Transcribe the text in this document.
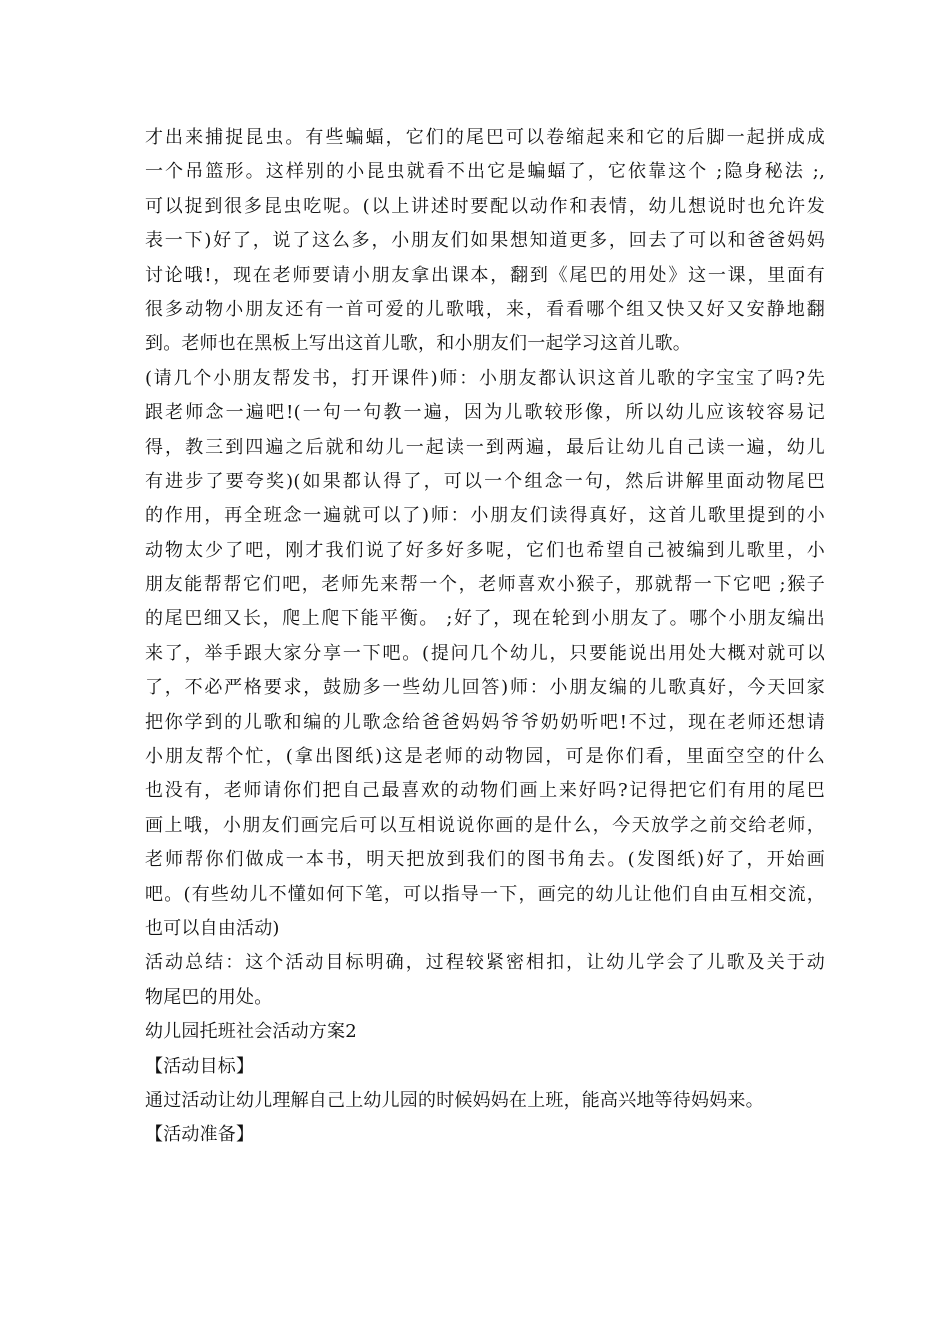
才出来捕捉昆虫。有些蝙蝠，它们的尾巴可以卷缩起来和它的后脚一起拼成成
一个吊篮形。这样别的小昆虫就看不出它是蝙蝠了，它依靠这个 ;隐身秘法 ;,
可以捉到很多昆虫吃呢。(以上讲述时要配以动作和表情，幼儿想说时也允许发
表一下)好了，说了这么多，小朋友们如果想知道更多，回去了可以和爸爸妈妈
讨论哦!，现在老师要请小朋友拿出课本，翻到《尾巴的用处》这一课，里面有
很多动物小朋友还有一首可爱的儿歌哦，来，看看哪个组又快又好又安静地翻
到。老师也在黑板上写出这首儿歌，和小朋友们一起学习这首儿歌。
(请几个小朋友帮发书，打开课件)师：小朋友都认识这首儿歌的字宝宝了吗?先
跟老师念一遍吧!(一句一句教一遍，因为儿歌较形像，所以幼儿应该较容易记
得，教三到四遍之后就和幼儿一起读一到两遍，最后让幼儿自己读一遍，幼儿
有进步了要夸奖)(如果都认得了，可以一个组念一句，然后讲解里面动物尾巴
的作用，再全班念一遍就可以了)师：小朋友们读得真好，这首儿歌里提到的小
动物太少了吧，刚才我们说了好多好多呢，它们也希望自己被编到儿歌里，小
朋友能帮帮它们吧，老师先来帮一个，老师喜欢小猴子，那就帮一下它吧 ;猴子
的尾巴细又长，爬上爬下能平衡。 ;好了，现在轮到小朋友了。哪个小朋友编出
来了，举手跟大家分享一下吧。(提问几个幼儿，只要能说出用处大概对就可以
了，不必严格要求，鼓励多一些幼儿回答)师：小朋友编的儿歌真好，今天回家
把你学到的儿歌和编的儿歌念给爸爸妈妈爷爷奶奶听吧!不过，现在老师还想请
小朋友帮个忙，(拿出图纸)这是老师的动物园，可是你们看，里面空空的什么
也没有，老师请你们把自己最喜欢的动物们画上来好吗?记得把它们有用的尾巴
画上哦，小朋友们画完后可以互相说说你画的是什么，今天放学之前交给老师，
老师帮你们做成一本书，明天把放到我们的图书角去。(发图纸)好了，开始画
吧。(有些幼儿不懂如何下笔，可以指导一下，画完的幼儿让他们自由互相交流，
也可以自由活动)
活动总结：这个活动目标明确，过程较紧密相扣，让幼儿学会了儿歌及关于动
物尾巴的用处。
幼儿园托班社会活动方案2
【活动目标】
通过活动让幼儿理解自己上幼儿园的时候妈妈在上班，能高兴地等待妈妈来。
【活动准备】
